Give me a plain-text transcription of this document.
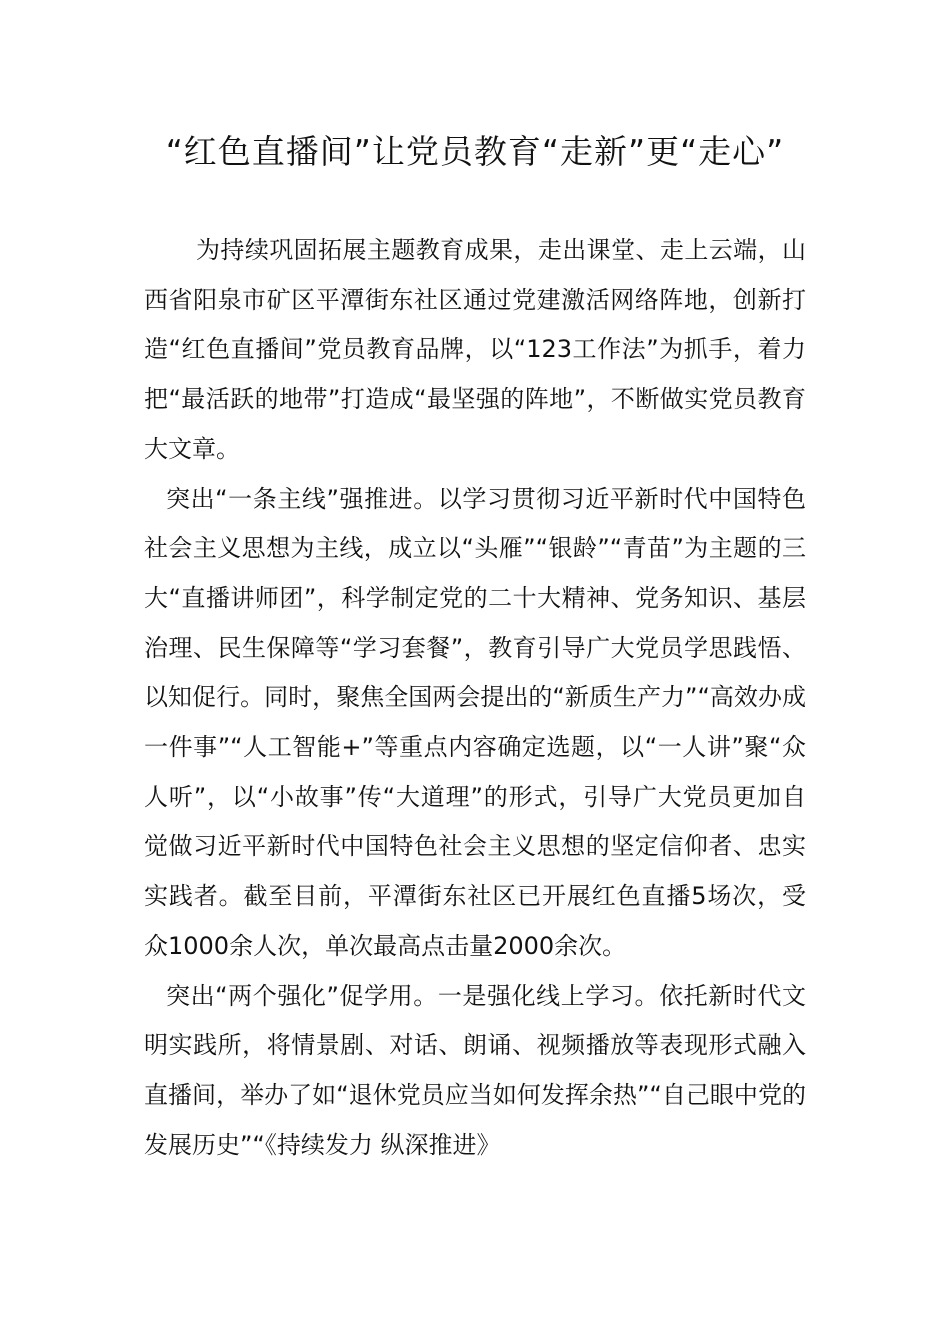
“红色直播间”让党员教育“走新”更“走心”

为持续巩固拓展主题教育成果，走出课堂、走上云端，山西省阳泉市矿区平潭街东社区通过党建激活网络阵地，创新打造“红色直播间”党员教育品牌，以“123工作法”为抓手，着力把“最活跃的地带”打造成“最坚强的阵地”，不断做实党员教育大文章。

突出“一条主线”强推进。以学习贯彻习近平新时代中国特色社会主义思想为主线，成立以“头雁”“银龄”“青苗”为主题的三大“直播讲师团”，科学制定党的二十大精神、党务知识、基层治理、民生保障等“学习套餐”，教育引导广大党员学思践悟、以知促行。同时，聚焦全国两会提出的“新质生产力”“高效办成一件事”“人工智能+”等重点内容确定选题，以“一人讲”聚“众人听”，以“小故事”传“大道理”的形式，引导广大党员更加自觉做习近平新时代中国特色社会主义思想的坚定信仰者、忠实实践者。截至目前，平潭街东社区已开展红色直播5场次，受众1000余人次，单次最高点击量2000余次。

突出“两个强化”促学用。一是强化线上学习。依托新时代文明实践所，将情景剧、对话、朗诵、视频播放等表现形式融入直播间，举办了如“退休党员应当如何发挥余热”“自己眼中党的发展历史”“《持续发力 纵深推进》
